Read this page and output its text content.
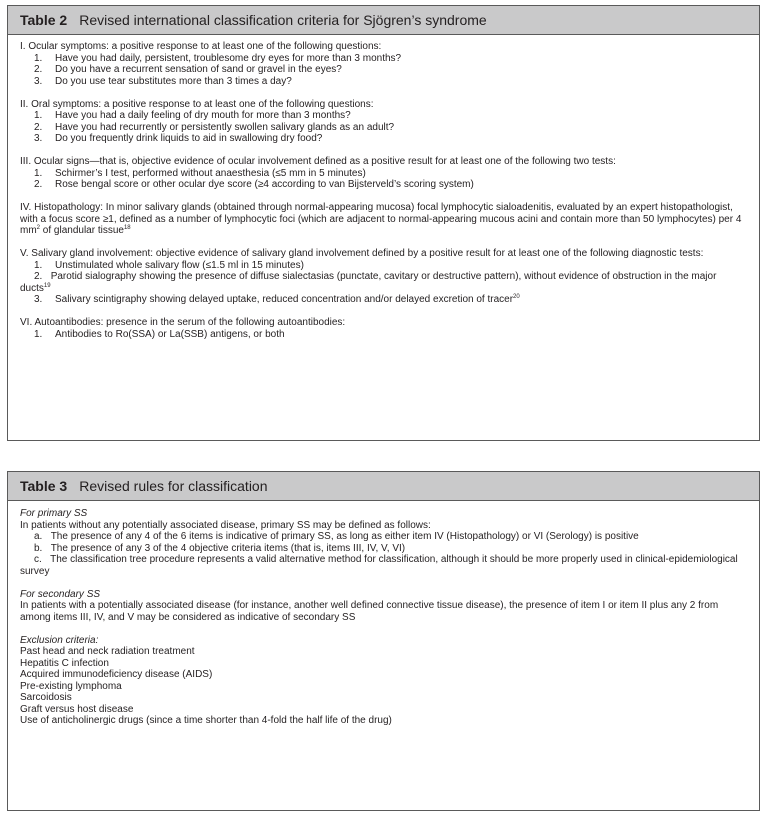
Table 2 Revised international classification criteria for Sjögren’s syndrome
I. Ocular symptoms: a positive response to at least one of the following questions:
1.	Have you had daily, persistent, troublesome dry eyes for more than 3 months?
2.	Do you have a recurrent sensation of sand or gravel in the eyes?
3.	Do you use tear substitutes more than 3 times a day?
II. Oral symptoms: a positive response to at least one of the following questions:
1.	Have you had a daily feeling of dry mouth for more than 3 months?
2.	Have you had recurrently or persistently swollen salivary glands as an adult?
3.	Do you frequently drink liquids to aid in swallowing dry food?
III. Ocular signs—that is, objective evidence of ocular involvement defined as a positive result for at least one of the following two tests:
1.	Schirmer’s I test, performed without anaesthesia (≤5 mm in 5 minutes)
2.	Rose bengal score or other ocular dye score (≥4 according to van Bijsterveld’s scoring system)
IV. Histopathology: In minor salivary glands (obtained through normal-appearing mucosa) focal lymphocytic sialoadenitis, evaluated by an expert histopathologist, with a focus score ≥1, defined as a number of lymphocytic foci (which are adjacent to normal-appearing mucous acini and contain more than 50 lymphocytes) per 4 $mm^2$ of glandular tissue$^{18}$
V. Salivary gland involvement: objective evidence of salivary gland involvement defined by a positive result for at least one of the following diagnostic tests:
1.	Unstimulated whole salivary flow (≤1.5 ml in 15 minutes)
2. Parotid sialography showing the presence of diffuse sialectasias (punctate, cavitary or destructive pattern), without evidence of obstruction in the major ducts$^{19}$
3.	Salivary scintigraphy showing delayed uptake, reduced concentration and/or delayed excretion of tracer$^{20}$
VI. Autoantibodies: presence in the serum of the following autoantibodies:
1.	Antibodies to Ro(SSA) or La(SSB) antigens, or both
Table 3 Revised rules for classification
For primary SS
In patients without any potentially associated disease, primary SS may be defined as follows:
a. The presence of any 4 of the 6 items is indicative of primary SS, as long as either item IV (Histopathology) or VI (Serology) is positive
b. The presence of any 3 of the 4 objective criteria items (that is, items III, IV, V, VI)
c. The classification tree procedure represents a valid alternative method for classification, although it should be more properly used in clinical-epidemiological survey
For secondary SS
In patients with a potentially associated disease (for instance, another well defined connective tissue disease), the presence of item I or item II plus any 2 from among items III, IV, and V may be considered as indicative of secondary SS
Exclusion criteria:
Past head and neck radiation treatment
Hepatitis C infection
Acquired immunodeficiency disease (AIDS)
Pre-existing lymphoma
Sarcoidosis
Graft versus host disease
Use of anticholinergic drugs (since a time shorter than 4-fold the half life of the drug)
